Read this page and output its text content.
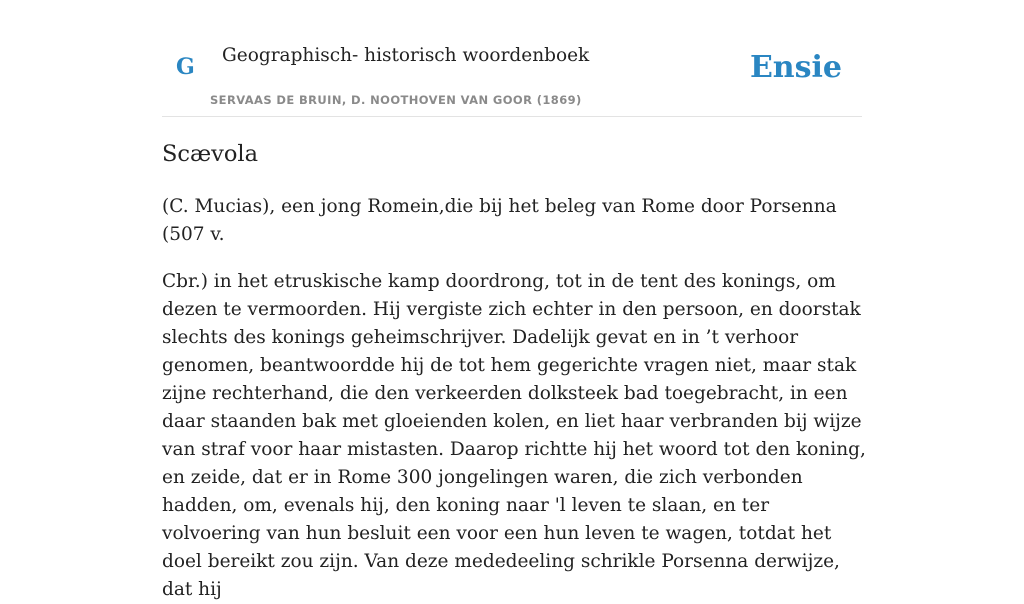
G Geographisch- historisch woordenboek
SERVAAS DE BRUIN, D. NOOTHOVEN VAN GOOR (1869)
Ensie
Scævola

(C. Mucias), een jong Romein,die bij het beleg van Rome door Porsenna (507 v.

Cbr.) in het etruskische kamp doordrong, tot in de tent des konings, om dezen te vermoorden. Hij vergiste zich echter in den persoon, en doorstak slechts des konings geheimschrijver. Dadelijk gevat en in ’t verhoor genomen, beantwoordde hij de tot hem gegerichte vragen niet, maar stak zijne rechterhand, die den verkeerden dolksteek bad toegebracht, in een daar staanden bak met gloeienden kolen, en liet haar verbranden bij wijze van straf voor haar mistasten. Daarop richtte hij het woord tot den koning, en zeide, dat er in Rome 300 jongelingen waren, die zich verbonden hadden, om, evenals hij, den koning naar 'l leven te slaan, en ter volvoering van hun besluit een voor een hun leven te wagen, totdat het doel bereikt zou zijn. Van deze mededeeling schrikle Porsenna derwijze, dat hij
